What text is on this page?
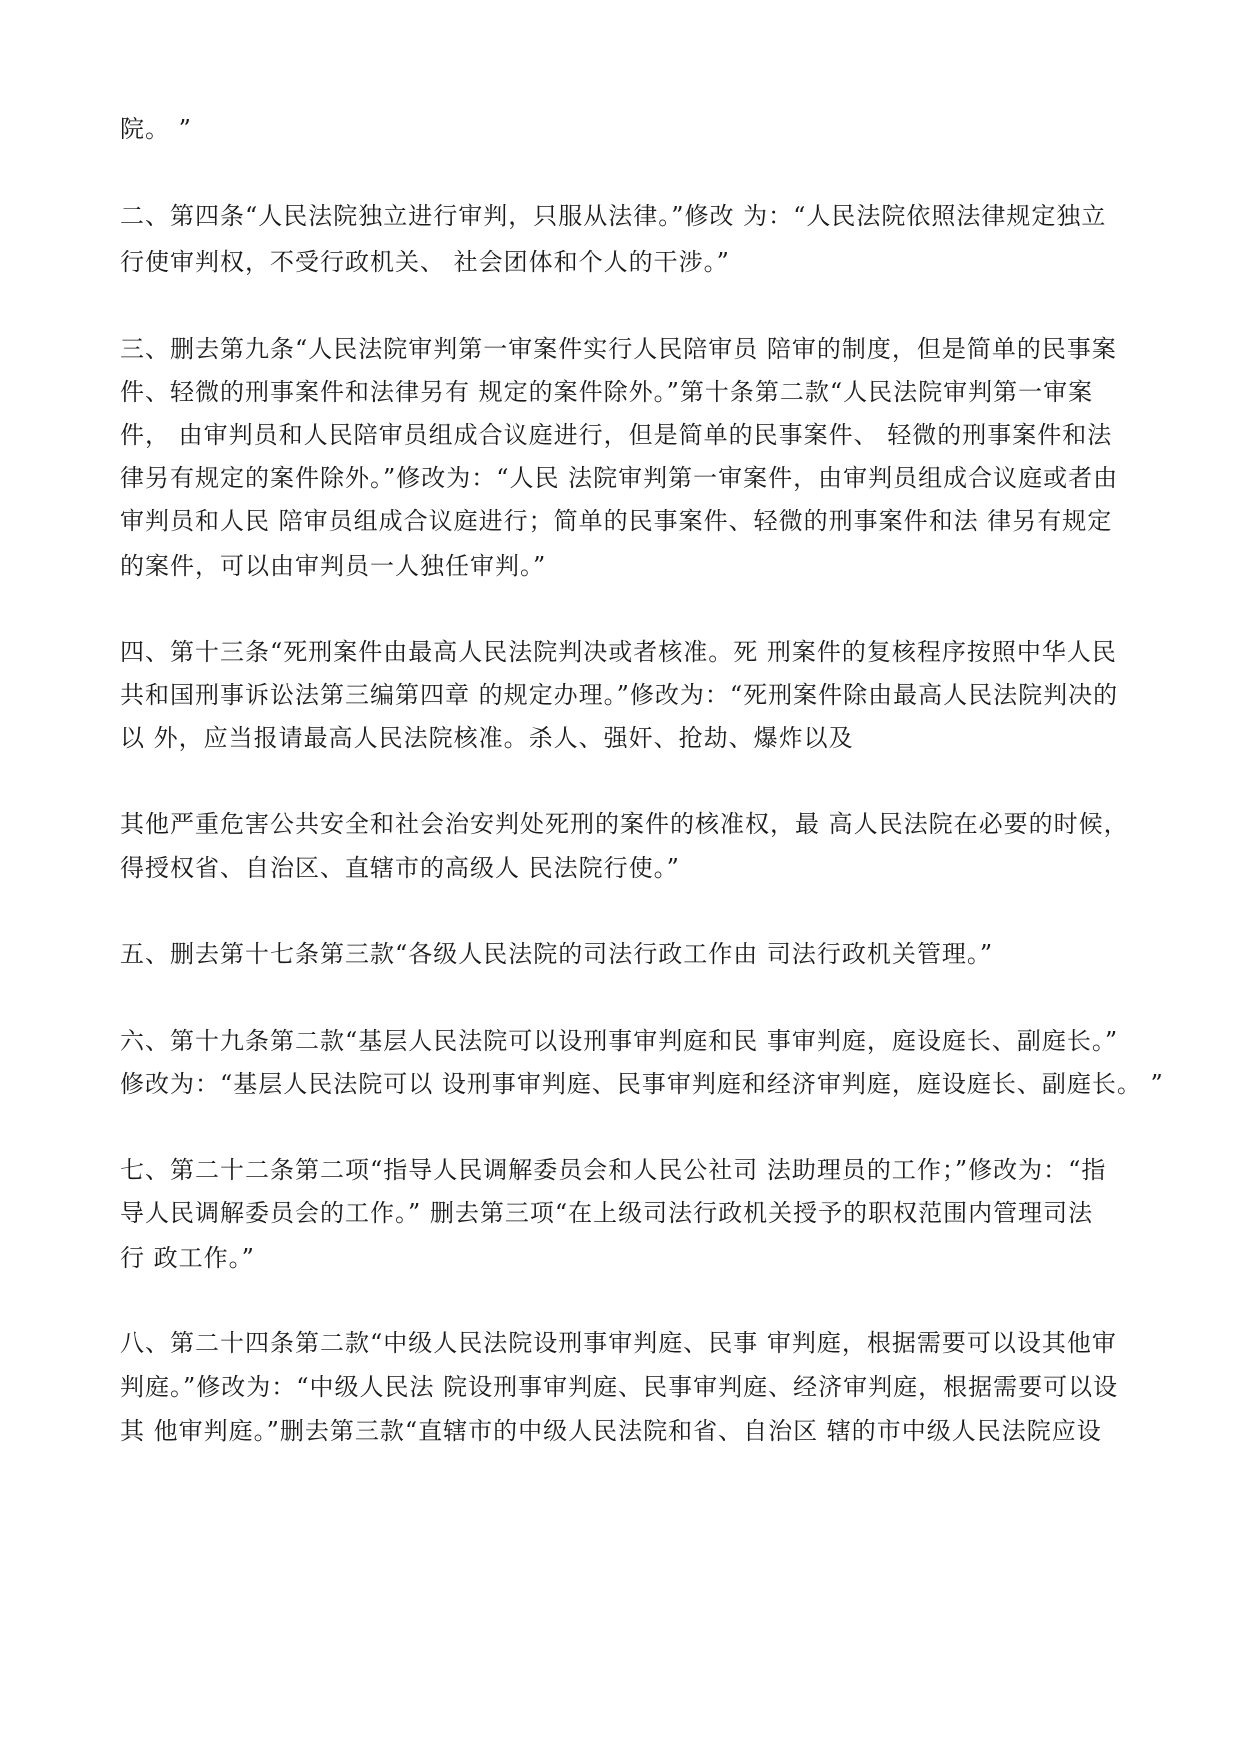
院。 ”
二、第四条“人民法院独立进行审判，只服从法律。”修改 为：“人民法院依照法律规定独立
行使审判权，不受行政机关、 社会团体和个人的干涉。”
三、删去第九条“人民法院审判第一审案件实行人民陪审员 陪审的制度，但是简单的民事案
件、轻微的刑事案件和法律另有 规定的案件除外。”第十条第二款“人民法院审判第一审案
件， 由审判员和人民陪审员组成合议庭进行，但是简单的民事案件、 轻微的刑事案件和法
律另有规定的案件除外。”修改为：“人民 法院审判第一审案件，由审判员组成合议庭或者由
审判员和人民 陪审员组成合议庭进行；简单的民事案件、轻微的刑事案件和法 律另有规定
的案件，可以由审判员一人独任审判。”
四、第十三条“死刑案件由最高人民法院判决或者核准。死 刑案件的复核程序按照中华人民
共和国刑事诉讼法第三编第四章 的规定办理。”修改为：“死刑案件除由最高人民法院判决的
以 外，应当报请最高人民法院核准。杀人、强奸、抢劫、爆炸以及
其他严重危害公共安全和社会治安判处死刑的案件的核准权，最 高人民法院在必要的时候，
得授权省、自治区、直辖市的高级人 民法院行使。”
五、删去第十七条第三款“各级人民法院的司法行政工作由 司法行政机关管理。”
六、第十九条第二款“基层人民法院可以设刑事审判庭和民 事审判庭，庭设庭长、副庭长。”
修改为：“基层人民法院可以 设刑事审判庭、民事审判庭和经济审判庭，庭设庭长、副庭长。 ”
七、第二十二条第二项“指导人民调解委员会和人民公社司 法助理员的工作；”修改为：“指
导人民调解委员会的工作。” 删去第三项“在上级司法行政机关授予的职权范围内管理司法
行 政工作。”
八、第二十四条第二款“中级人民法院设刑事审判庭、民事 审判庭，根据需要可以设其他审
判庭。”修改为：“中级人民法 院设刑事审判庭、民事审判庭、经济审判庭，根据需要可以设
其 他审判庭。”删去第三款“直辖市的中级人民法院和省、自治区 辖的市中级人民法院应设
